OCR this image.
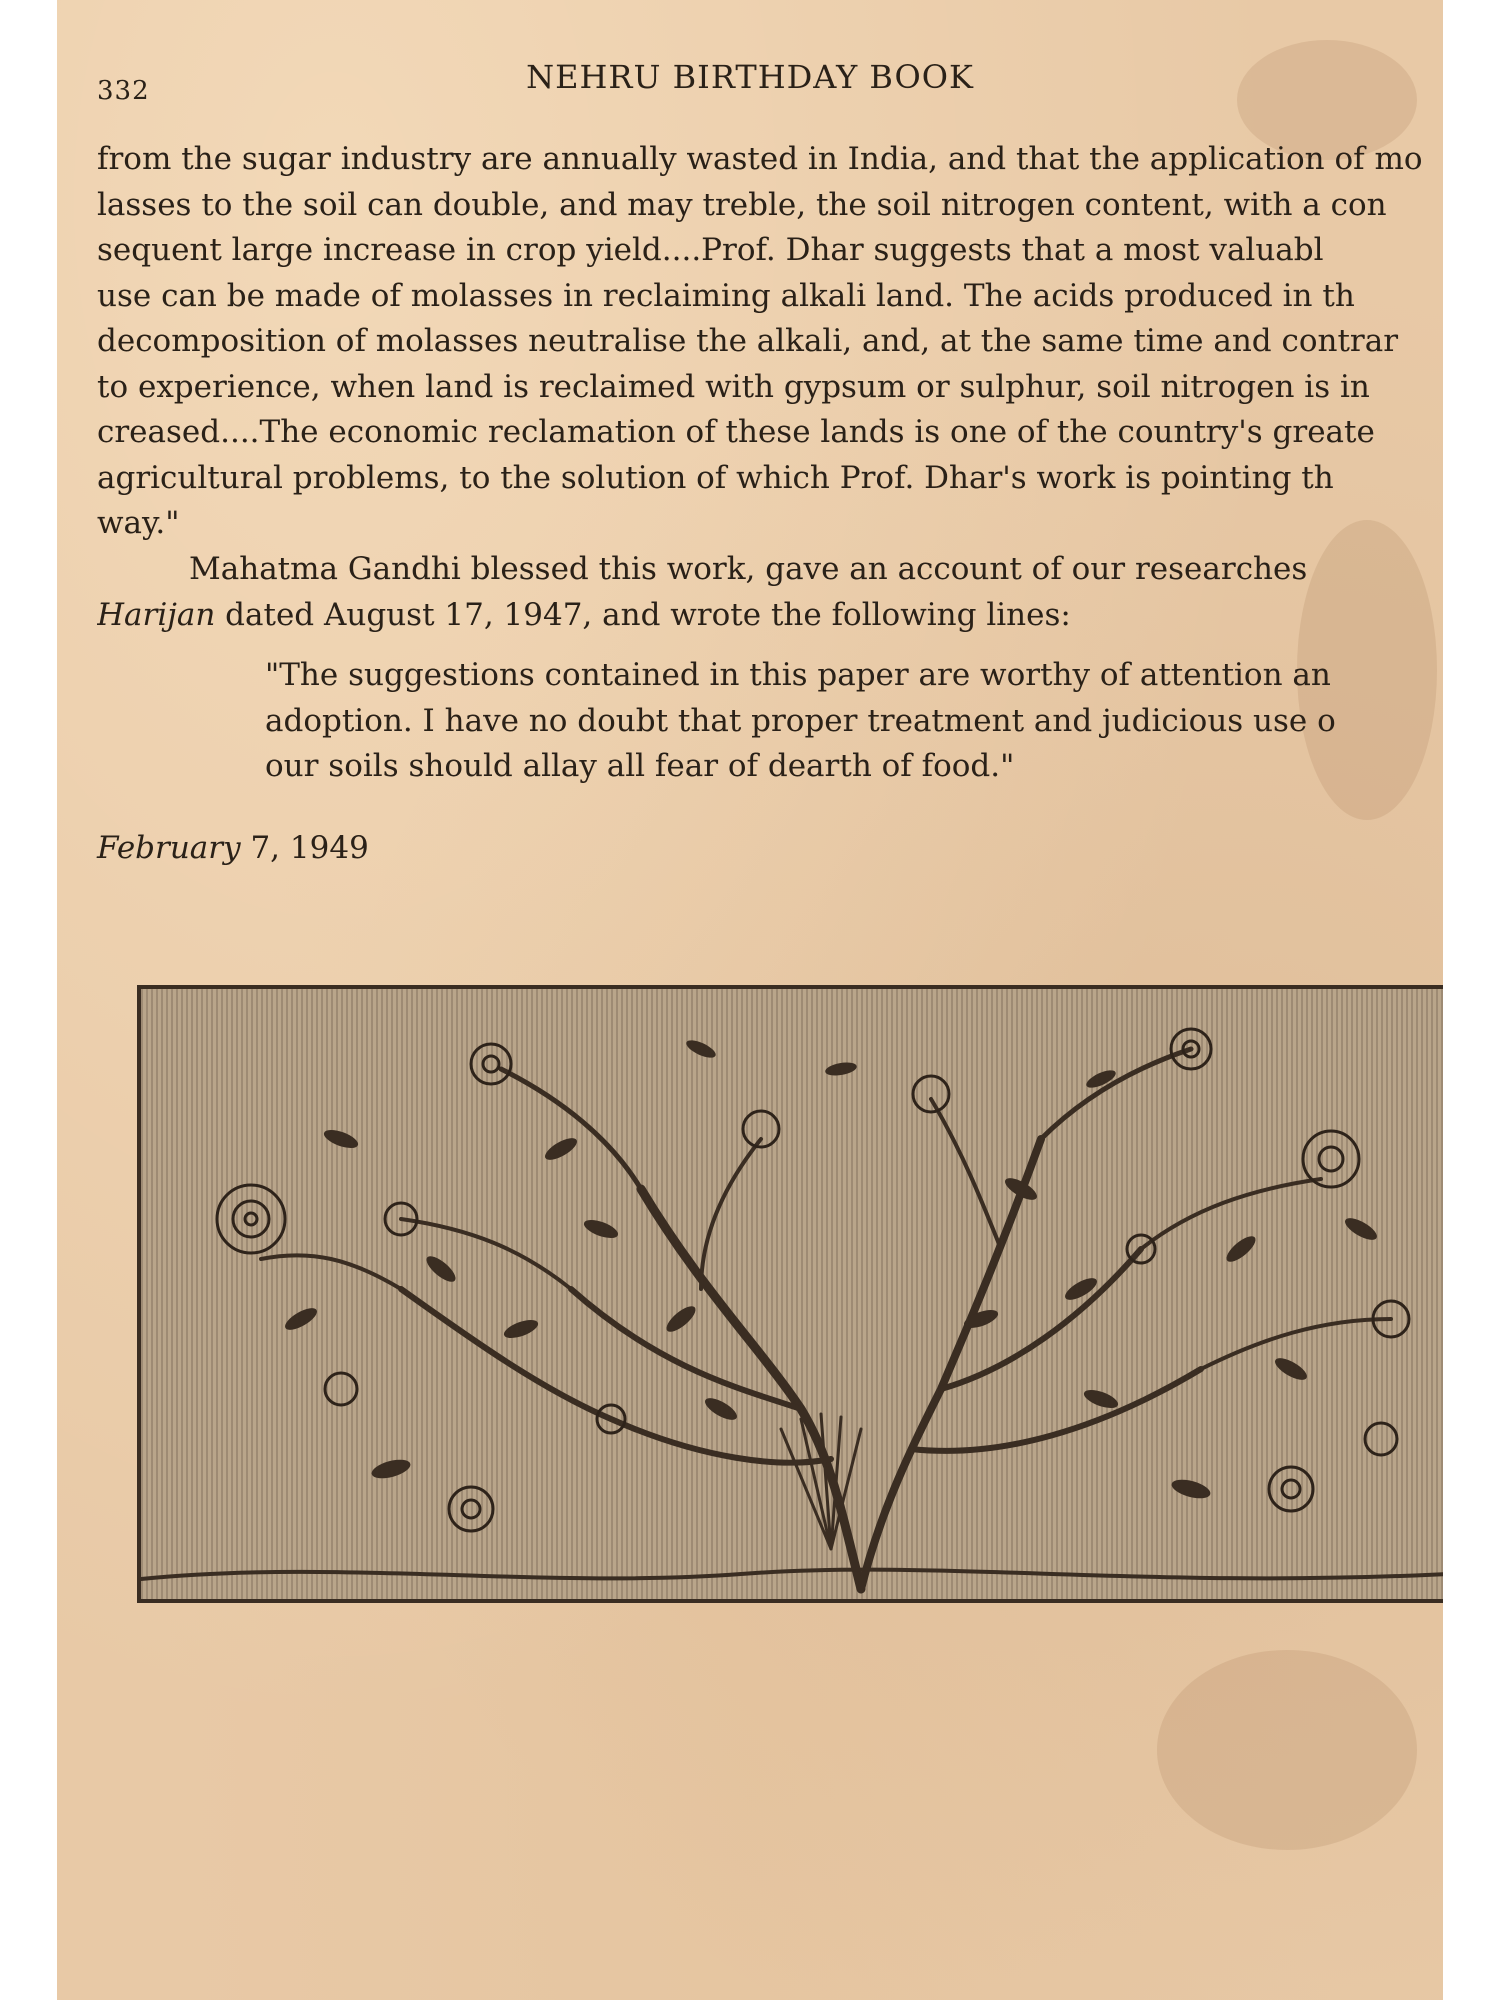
332	NEHRU BIRTHDAY BOOK
from the sugar industry are annually wasted in India, and that the application of mo
lasses to the soil can double, and may treble, the soil nitrogen content, with a con
sequent large increase in crop yield....Prof. Dhar suggests that a most valuabl
use can be made of molasses in reclaiming alkali land. The acids produced in th
decomposition of molasses neutralise the alkali, and, at the same time and contrar
to experience, when land is reclaimed with gypsum or sulphur, soil nitrogen is in
creased....The economic reclamation of these lands is one of the country's greate
agricultural problems, to the solution of which Prof. Dhar's work is pointing th
way."
Mahatma Gandhi blessed this work, gave an account of our researches
Harijan dated August 17, 1947, and wrote the following lines:
"The suggestions contained in this paper are worthy of attention an
adoption. I have no doubt that proper treatment and judicious use o
our soils should allay all fear of dearth of food."
February 7, 1949
